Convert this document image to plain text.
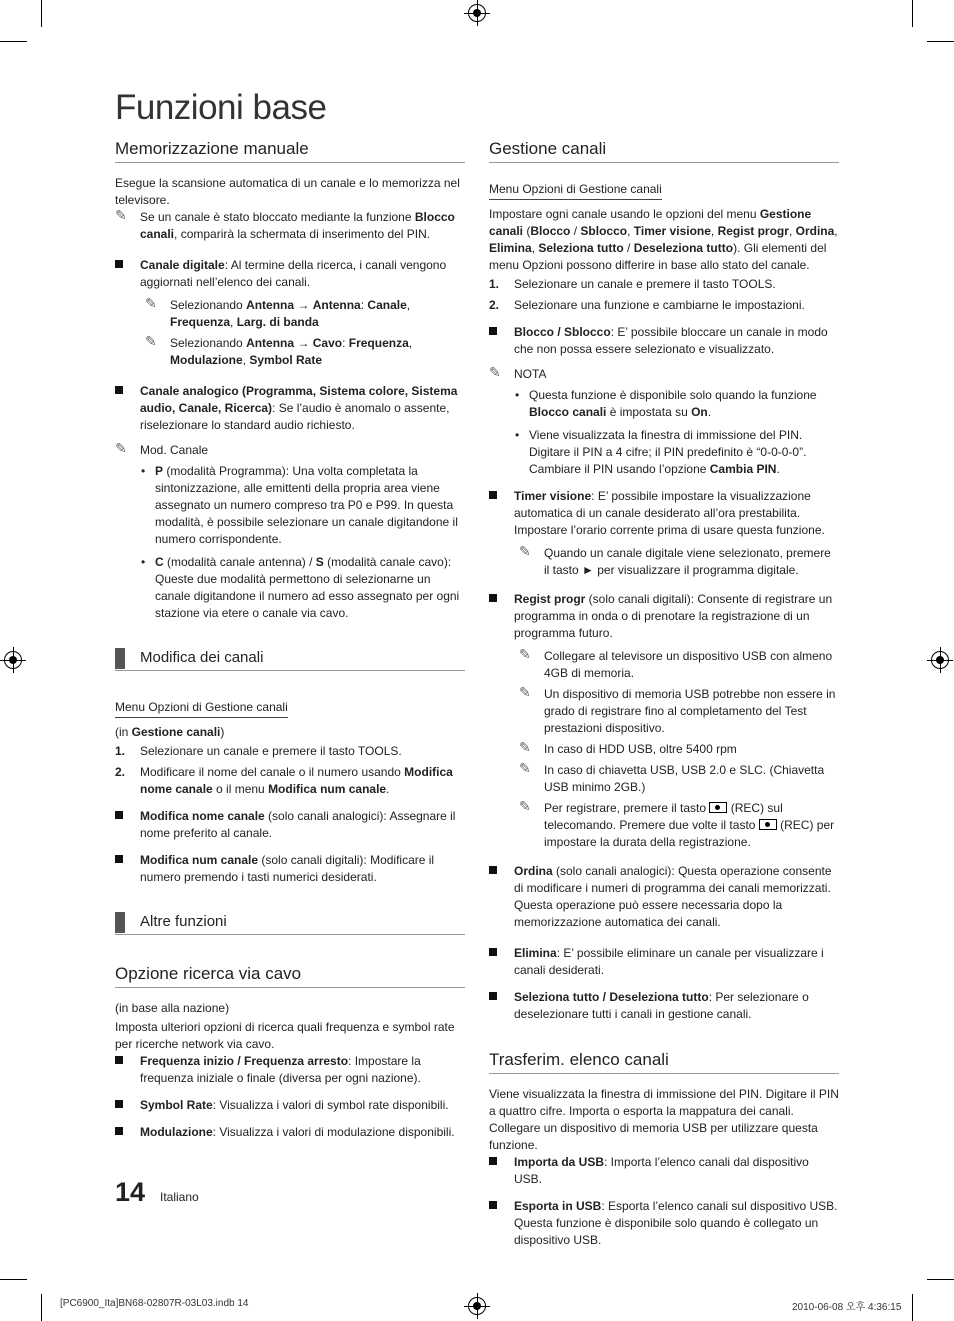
Funzioni base
Memorizzazione manuale

Esegue la scansione automatica di un canale e lo memorizza nel televisore.

✎ Se un canale è stato bloccato mediante la funzione Blocco canali, comparirà la schermata di inserimento del PIN.
Canale digitale: Al termine della ricerca, i canali vengono aggiornati nell’elenco dei canali.
✎ Selezionando Antenna → Antenna: Canale, Frequenza, Larg. di banda
✎ Selezionando Antenna → Cavo: Frequenza, Modulazione, Symbol Rate
Canale analogico (Programma, Sistema colore, Sistema audio, Canale, Ricerca): Se l’audio è anomalo o assente, riselezionare lo standard audio richiesto.
✎ Mod. Canale
• P (modalità Programma): Una volta completata la sintonizzazione, alle emittenti della propria area viene assegnato un numero compreso tra P0 e P99. In questa modalità, è possibile selezionare un canale digitandone il numero corrispondente.
• C (modalità canale antenna) / S (modalità canale cavo): Queste due modalità permettono di selezionarne un canale digitandone il numero ad esso assegnato per ogni stazione via etere o canale via cavo.
Modifica dei canali
Menu Opzioni di Gestione canali

(in Gestione canali)

1. Selezionare un canale e premere il tasto TOOLS.
2. Modificare il nome del canale o il numero usando Modifica nome canale o il menu Modifica num canale.
Modifica nome canale (solo canali analogici): Assegnare il nome preferito al canale.
Modifica num canale (solo canali digitali): Modificare il numero premendo i tasti numerici desiderati.
Altre funzioni
Opzione ricerca via cavo

(in base alla nazione)

Imposta ulteriori opzioni di ricerca quali frequenza e symbol rate per ricerche network via cavo.

Frequenza inizio / Frequenza arresto: Impostare la frequenza iniziale o finale (diversa per ogni nazione).
Symbol Rate: Visualizza i valori di symbol rate disponibili.
Modulazione: Visualizza i valori di modulazione disponibili.
Gestione canali
Menu Opzioni di Gestione canali

Impostare ogni canale usando le opzioni del menu Gestione canali (Blocco / Sblocco, Timer visione, Regist progr, Ordina, Elimina, Seleziona tutto / Deseleziona tutto). Gli elementi del menu Opzioni possono differire in base allo stato del canale.

1. Selezionare un canale e premere il tasto TOOLS.
2. Selezionare una funzione e cambiarne le impostazioni.
Blocco / Sblocco: E’ possibile bloccare un canale in modo che non possa essere selezionato e visualizzato.
✎ NOTA
• Questa funzione è disponibile solo quando la funzione Blocco canali è impostata su On.
• Viene visualizzata la finestra di immissione del PIN. Digitare il PIN a 4 cifre; il PIN predefinito è “0-0-0-0”. Cambiare il PIN usando l’opzione Cambia PIN.
Timer visione: E’ possibile impostare la visualizzazione automatica di un canale desiderato all’ora prestabilita. Impostare l’orario corrente prima di usare questa funzione.
✎ Quando un canale digitale viene selezionato, premere il tasto ► per visualizzare il programma digitale.
Regist progr (solo canali digitali): Consente di registrare un programma in onda o di prenotare la registrazione di un programma futuro.
✎ Collegare al televisore un dispositivo USB con almeno 4GB di memoria.
✎ Un dispositivo di memoria USB potrebbe non essere in grado di registrare fino al completamento del Test prestazioni dispositivo.
✎ In caso di HDD USB, oltre 5400 rpm
✎ In caso di chiavetta USB, USB 2.0 e SLC. (Chiavetta USB minimo 2GB.)
✎ Per registrare, premere il tasto  (REC) sul telecomando. Premere due volte il tasto  (REC) per impostare la durata della registrazione.
Ordina (solo canali analogici): Questa operazione consente di modificare i numeri di programma dei canali memorizzati. Questa operazione può essere necessaria dopo la memorizzazione automatica dei canali.
Elimina: E’ possibile eliminare un canale per visualizzare i canali desiderati.
Seleziona tutto / Deseleziona tutto: Per selezionare o deselezionare tutti i canali in gestione canali.
Trasferim. elenco canali

Viene visualizzata la finestra di immissione del PIN. Digitare il PIN a quattro cifre. Importa o esporta la mappatura dei canali. Collegare un dispositivo di memoria USB per utilizzare questa funzione.

Importa da USB: Importa l’elenco canali dal dispositivo USB.
Esporta in USB: Esporta l’elenco canali sul dispositivo USB. Questa funzione è disponibile solo quando è collegato un dispositivo USB.
14 Italiano
[PC6900_Ita]BN68-02807R-03L03.indb 14	2010-06-08 오후 4:36:15
